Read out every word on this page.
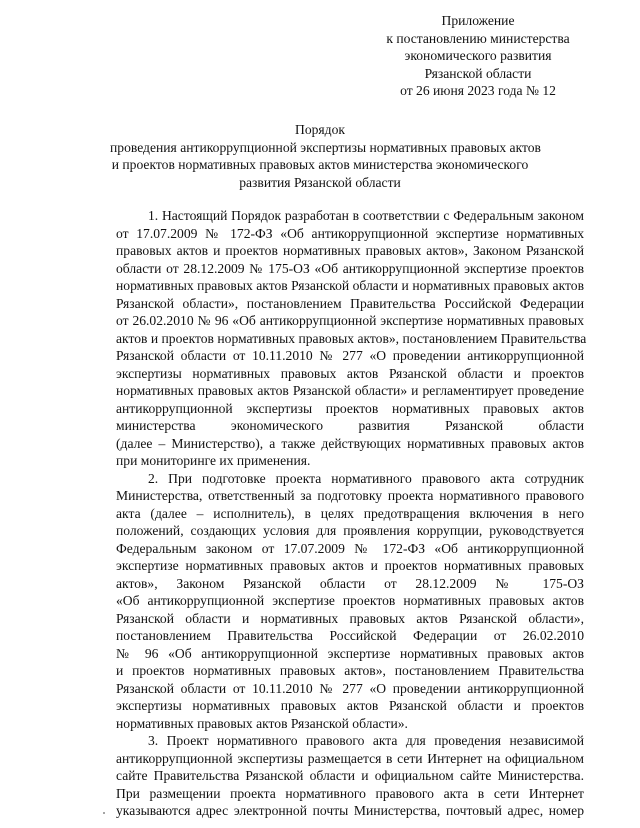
Приложение
к постановлению министерства
экономического развития
Рязанской области
от 26 июня 2023 года № 12
Порядок
проведения антикоррупционной экспертизы нормативных правовых актов
и проектов нормативных правовых актов министерства экономического
развития Рязанской области
1. Настоящий Порядок разработан в соответствии с Федеральным законом
от 17.07.2009 № 172-ФЗ «Об антикоррупционной экспертизе нормативных
правовых актов и проектов нормативных правовых актов», Законом Рязанской
области от 28.12.2009 № 175-ОЗ «Об антикоррупционной экспертизе проектов
нормативных правовых актов Рязанской области и нормативных правовых актов
Рязанской области», постановлением Правительства Российской Федерации
от 26.02.2010 № 96 «Об антикоррупционной экспертизе нормативных правовых
актов и проектов нормативных правовых актов», постановлением Правительства
Рязанской области от 10.11.2010 № 277 «О проведении антикоррупционной
экспертизы нормативных правовых актов Рязанской области и проектов
нормативных правовых актов Рязанской области» и регламентирует проведение
антикоррупционной экспертизы проектов нормативных правовых актов
министерства экономического развития Рязанской области
(далее – Министерство), а также действующих нормативных правовых актов
при мониторинге их применения.
2. При подготовке проекта нормативного правового акта сотрудник
Министерства, ответственный за подготовку проекта нормативного правового
акта (далее – исполнитель), в целях предотвращения включения в него
положений, создающих условия для проявления коррупции, руководствуется
Федеральным законом от 17.07.2009 № 172-ФЗ «Об антикоррупционной
экспертизе нормативных правовых актов и проектов нормативных правовых
актов», Законом Рязанской области от 28.12.2009 № 175-ОЗ
«Об антикоррупционной экспертизе проектов нормативных правовых актов
Рязанской области и нормативных правовых актов Рязанской области»,
постановлением Правительства Российской Федерации от 26.02.2010
№ 96 «Об антикоррупционной экспертизе нормативных правовых актов
и проектов нормативных правовых актов», постановлением Правительства
Рязанской области от 10.11.2010 № 277 «О проведении антикоррупционной
экспертизы нормативных правовых актов Рязанской области и проектов
нормативных правовых актов Рязанской области».
3. Проект нормативного правового акта для проведения независимой
антикоррупционной экспертизы размещается в сети Интернет на официальном
сайте Правительства Рязанской области и официальном сайте Министерства.
При размещении проекта нормативного правового акта в сети Интернет
указываются адрес электронной почты Министерства, почтовый адрес, номер
